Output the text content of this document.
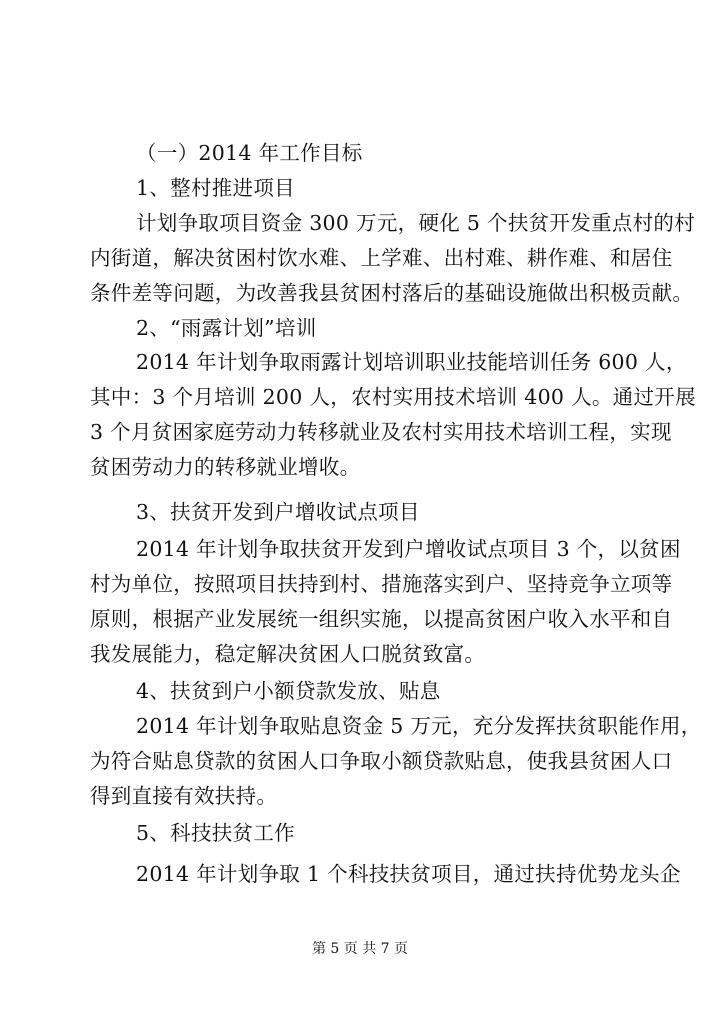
（一）2014 年工作目标
1、整村推进项目
计划争取项目资金 300 万元，硬化 5 个扶贫开发重点村的村
内街道，解决贫困村饮水难、上学难、出村难、耕作难、和居住
条件差等问题，为改善我县贫困村落后的基础设施做出积极贡献。
2、“雨露计划”培训
2014 年计划争取雨露计划培训职业技能培训任务 600 人，
其中：3 个月培训 200 人，农村实用技术培训 400 人。通过开展
3 个月贫困家庭劳动力转移就业及农村实用技术培训工程，实现
贫困劳动力的转移就业增收。
3、扶贫开发到户增收试点项目
2014 年计划争取扶贫开发到户增收试点项目 3 个，以贫困
村为单位，按照项目扶持到村、措施落实到户、坚持竞争立项等
原则，根据产业发展统一组织实施，以提高贫困户收入水平和自
我发展能力，稳定解决贫困人口脱贫致富。
4、扶贫到户小额贷款发放、贴息
2014 年计划争取贴息资金 5 万元，充分发挥扶贫职能作用，
为符合贴息贷款的贫困人口争取小额贷款贴息，使我县贫困人口
得到直接有效扶持。
5、科技扶贫工作
2014 年计划争取 1 个科技扶贫项目，通过扶持优势龙头企
第 5 页 共 7 页
